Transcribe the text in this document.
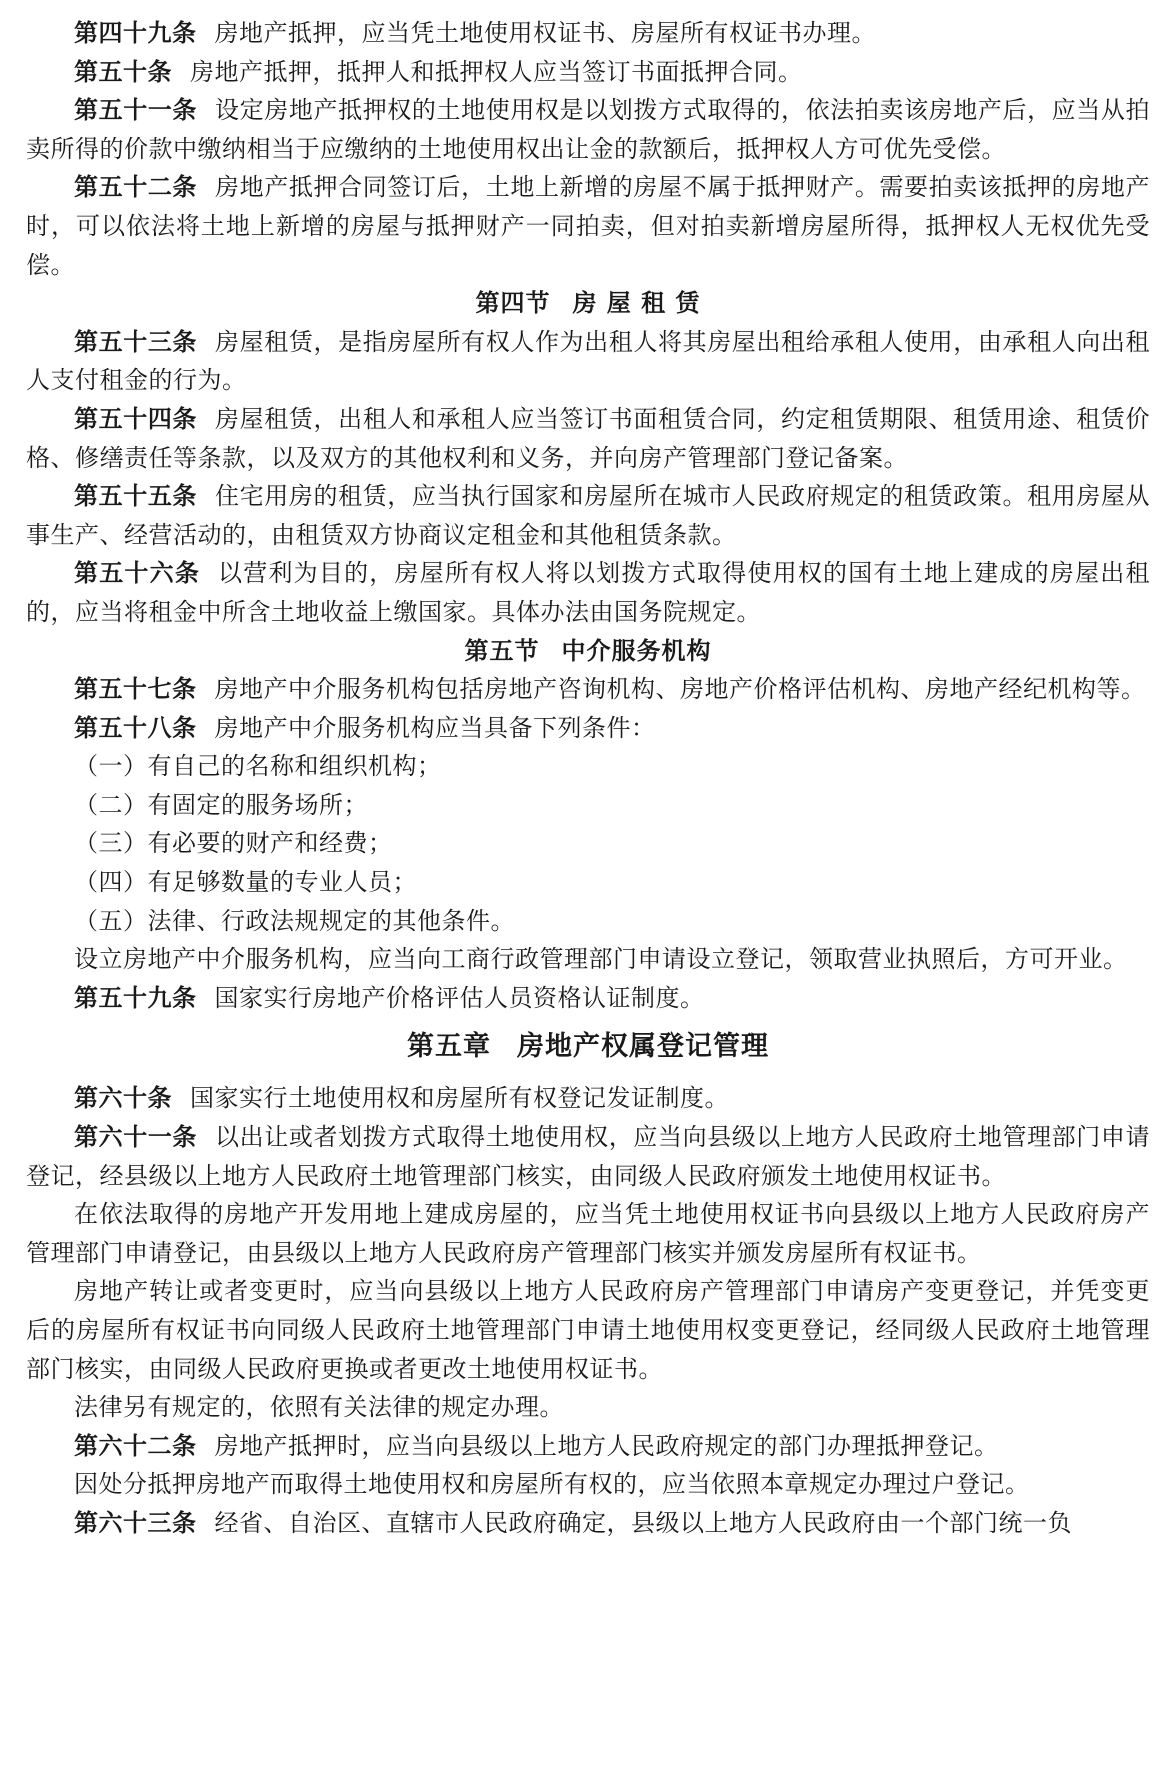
第四十九条 房地产抵押，应当凭土地使用权证书、房屋所有权证书办理。

第五十条 房地产抵押，抵押人和抵押权人应当签订书面抵押合同。

第五十一条 设定房地产抵押权的土地使用权是以划拨方式取得的，依法拍卖该房地产后，应当从拍卖所得的价款中缴纳相当于应缴纳的土地使用权出让金的款额后，抵押权人方可优先受偿。

第五十二条 房地产抵押合同签订后，土地上新增的房屋不属于抵押财产。需要拍卖该抵押的房地产时，可以依法将土地上新增的房屋与抵押财产一同拍卖，但对拍卖新增房屋所得，抵押权人无权优先受偿。

第四节 房 屋 租 赁

第五十三条 房屋租赁，是指房屋所有权人作为出租人将其房屋出租给承租人使用，由承租人向出租人支付租金的行为。

第五十四条 房屋租赁，出租人和承租人应当签订书面租赁合同，约定租赁期限、租赁用途、租赁价格、修缮责任等条款，以及双方的其他权利和义务，并向房产管理部门登记备案。

第五十五条 住宅用房的租赁，应当执行国家和房屋所在城市人民政府规定的租赁政策。租用房屋从事生产、经营活动的，由租赁双方协商议定租金和其他租赁条款。

第五十六条 以营利为目的，房屋所有权人将以划拨方式取得使用权的国有土地上建成的房屋出租的，应当将租金中所含土地收益上缴国家。具体办法由国务院规定。

第五节 中介服务机构

第五十七条 房地产中介服务机构包括房地产咨询机构、房地产价格评估机构、房地产经纪机构等。

第五十八条 房地产中介服务机构应当具备下列条件：

（一）有自己的名称和组织机构；

（二）有固定的服务场所；

（三）有必要的财产和经费；

（四）有足够数量的专业人员；

（五）法律、行政法规规定的其他条件。

设立房地产中介服务机构，应当向工商行政管理部门申请设立登记，领取营业执照后，方可开业。

第五十九条 国家实行房地产价格评估人员资格认证制度。

第五章 房地产权属登记管理

第六十条 国家实行土地使用权和房屋所有权登记发证制度。

第六十一条 以出让或者划拨方式取得土地使用权，应当向县级以上地方人民政府土地管理部门申请登记，经县级以上地方人民政府土地管理部门核实，由同级人民政府颁发土地使用权证书。

在依法取得的房地产开发用地上建成房屋的，应当凭土地使用权证书向县级以上地方人民政府房产管理部门申请登记，由县级以上地方人民政府房产管理部门核实并颁发房屋所有权证书。

房地产转让或者变更时，应当向县级以上地方人民政府房产管理部门申请房产变更登记，并凭变更后的房屋所有权证书向同级人民政府土地管理部门申请土地使用权变更登记，经同级人民政府土地管理部门核实，由同级人民政府更换或者更改土地使用权证书。

法律另有规定的，依照有关法律的规定办理。

第六十二条 房地产抵押时，应当向县级以上地方人民政府规定的部门办理抵押登记。

因处分抵押房地产而取得土地使用权和房屋所有权的，应当依照本章规定办理过户登记。

第六十三条 经省、自治区、直辖市人民政府确定，县级以上地方人民政府由一个部门统一负
